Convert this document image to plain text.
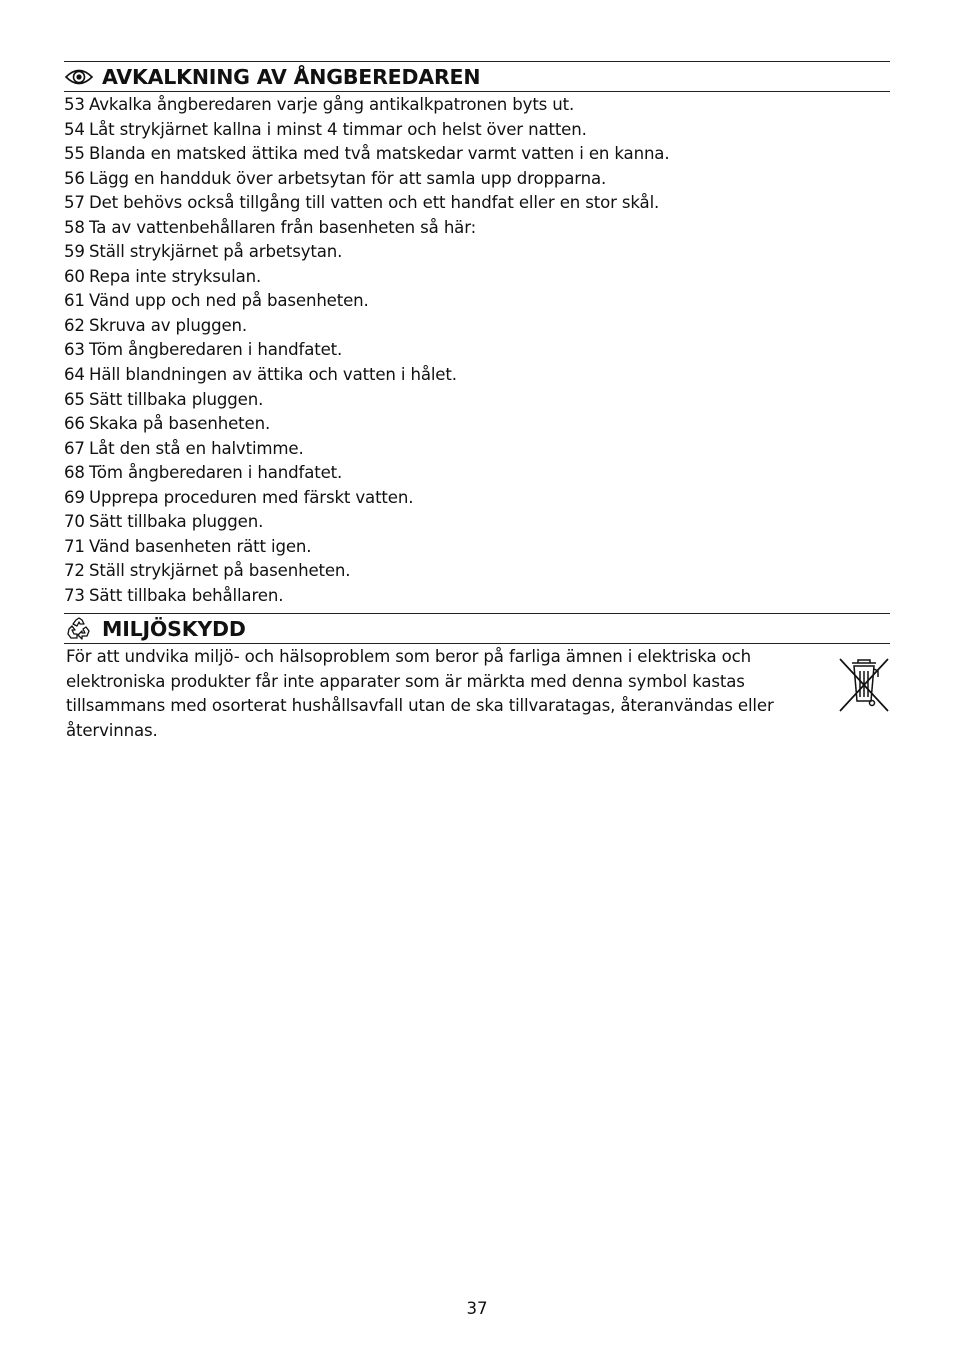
AVKALKNING AV ÅNGBEREDAREN
53 Avkalka ångberedaren varje gång antikalkpatronen byts ut.
54 Låt strykjärnet kallna i minst 4 timmar och helst över natten.
55 Blanda en matsked ättika med två matskedar varmt vatten i en kanna.
56 Lägg en handduk över arbetsytan för att samla upp dropparna.
57 Det behövs också tillgång till vatten och ett handfat eller en stor skål.
58 Ta av vattenbehållaren från basenheten så här:
59 Ställ strykjärnet på arbetsytan.
60 Repa inte stryksulan.
61 Vänd upp och ned på basenheten.
62 Skruva av pluggen.
63 Töm ångberedaren i handfatet.
64 Häll blandningen av ättika och vatten i hålet.
65 Sätt tillbaka pluggen.
66 Skaka på basenheten.
67 Låt den stå en halvtimme.
68 Töm ångberedaren i handfatet.
69 Upprepa proceduren med färskt vatten.
70 Sätt tillbaka pluggen.
71 Vänd basenheten rätt igen.
72 Ställ strykjärnet på basenheten.
73 Sätt tillbaka behållaren.
MILJÖSKYDD
För att undvika miljö- och hälsoproblem som beror på farliga ämnen i elektriska och elektroniska produkter får inte apparater som är märkta med denna symbol kastas tillsammans med osorterat hushållsavfall utan de ska tillvaratagas, återanvändas eller återvinnas.
37
